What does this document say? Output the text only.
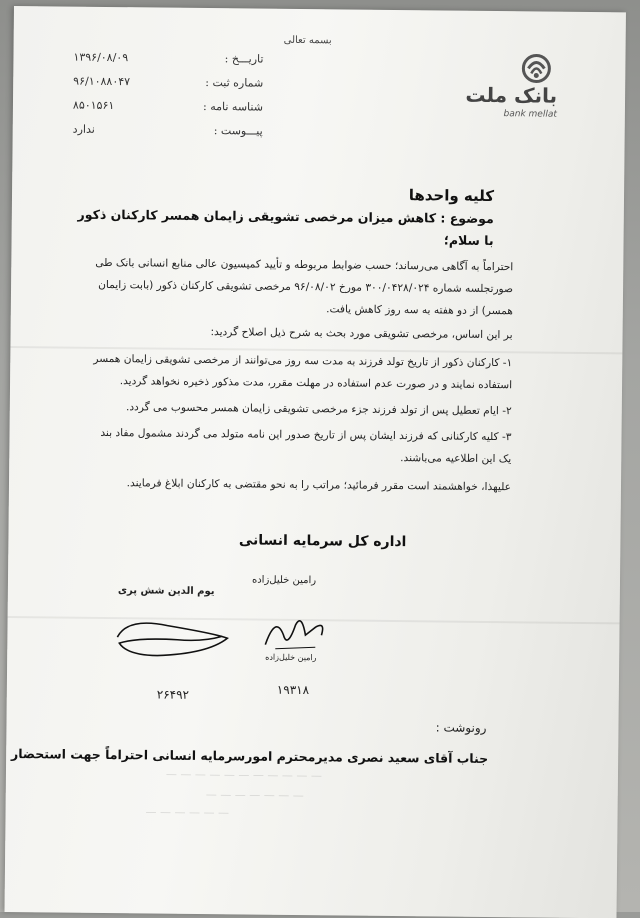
بسمه تعالی
تاریـــخ :
۱۳۹۶/۰۸/۰۹
شماره ثبت :
۹۶/۱۰۸۸۰۴۷
شناسه نامه :
۸۵۰۱۵۶۱
پیـــوست :
ندارد
بانک ملت
bank mellat
کلیه واحدها
موضوع : کاهش میزان مرخصی تشویقی زایمان همسر کارکنان ذکور
با سلام؛
احتراماً به آگاهی می‌رساند؛ حسب ضوابط مربوطه و تأیید کمیسیون عالی منابع انسانی بانک طی
صورتجلسه شماره ۳۰۰/۰۴۲۸/۰۲۴ مورخ ۹۶/۰۸/۰۲ مرخصی تشویقی کارکنان ذکور (بابت زایمان
همسر) از دو هفته به سه روز کاهش یافت.
بر این اساس، مرخصی تشویقی مورد بحث به شرح ذیل اصلاح گردید:
۱- کارکنان ذکور از تاریخ تولد فرزند به مدت سه روز می‌توانند از مرخصی تشویقی زایمان همسر
استفاده نمایند و در صورت عدم استفاده در مهلت مقرر، مدت مذکور ذخیره نخواهد گردید.
۲- ایام تعطیل پس از تولد فرزند جزء مرخصی تشویقی زایمان همسر محسوب می گردد.
۳- کلیه کارکنانی که فرزند ایشان پس از تاریخ صدور این نامه متولد می گردند مشمول مفاد بند
یک این اطلاعیه می‌باشند.
علیهذا، خواهشمند است مقرر فرمائید؛ مراتب را به نحو مقتضی به کارکنان ابلاغ فرمایند.
اداره کل سرمایه انسانی
یوم الدین شش پری
رامین خلیل‌زاده
رامین خلیل‌زاده
۲۶۴۹۲	۱۹۳۱۸
رونوشت :
جناب آقای سعید نصری مدیرمحترم امورسرمایه انسانی احتراماً جهت استحضار
— — — — — — — — — — —
— — — — — — —
— — — — — —
